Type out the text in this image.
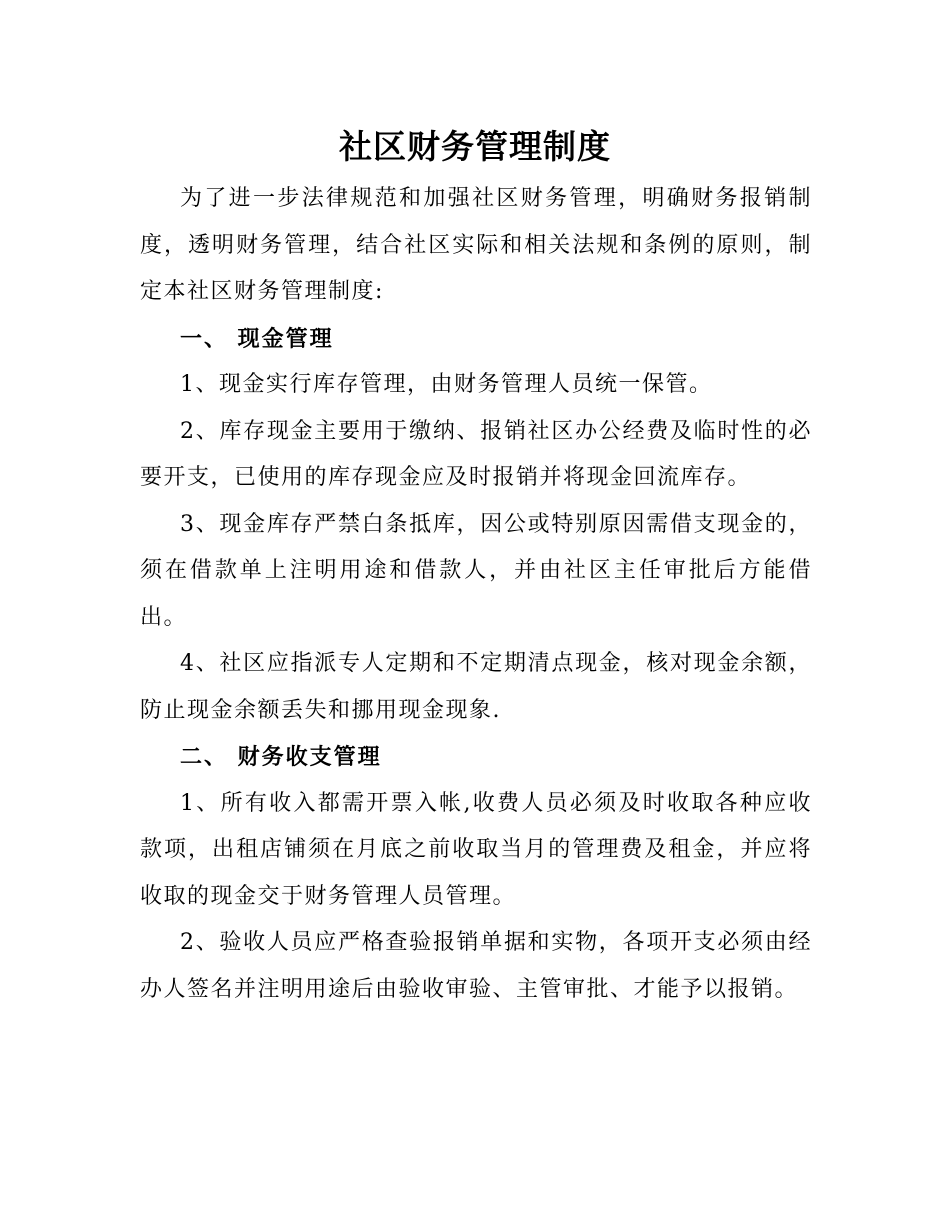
社区财务管理制度

为了进一步法律规范和加强社区财务管理，明确财务报销制度，透明财务管理，结合社区实际和相关法规和条例的原则，制定本社区财务管理制度:

一、 现金管理

1、现金实行库存管理，由财务管理人员统一保管。

2、库存现金主要用于缴纳、报销社区办公经费及临时性的必要开支，已使用的库存现金应及时报销并将现金回流库存。

3、现金库存严禁白条抵库，因公或特别原因需借支现金的，须在借款单上注明用途和借款人，并由社区主任审批后方能借出。

4、社区应指派专人定期和不定期清点现金，核对现金余额，防止现金余额丢失和挪用现金现象.

二、 财务收支管理

1、所有收入都需开票入帐,收费人员必须及时收取各种应收款项，出租店铺须在月底之前收取当月的管理费及租金，并应将收取的现金交于财务管理人员管理。

2、验收人员应严格查验报销单据和实物，各项开支必须由经办人签名并注明用途后由验收审验、主管审批、才能予以报销。
